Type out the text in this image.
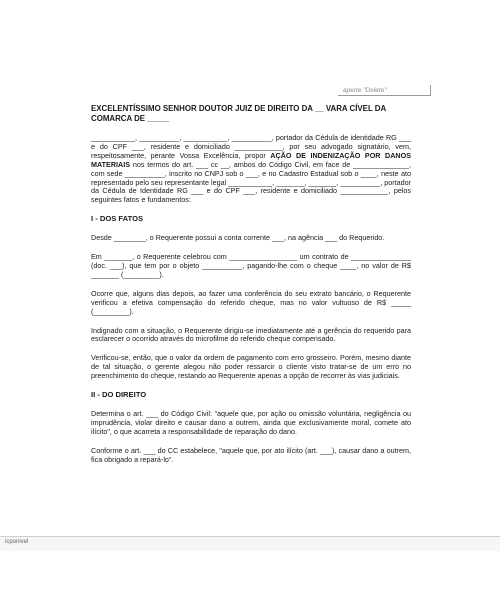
aperte "Delete"
EXCELENTÍSSIMO SENHOR DOUTOR JUIZ DE DIREITO DA __ VARA CÍVEL DA COMARCA DE _____
___________, __________, ___________, __________, portador da Cédula de identidade RG ___ e do CPF ___, residente e domiciliado ____________, por seu advogado signatário, vem, respeitosamente, perante Vossa Excelência, propor AÇÃO DE INDENIZAÇÃO POR DANOS MATERIAIS nos termos do art. ___ cc __, ambos do Código Civil, em face de ______________, com sede __________, inscrito no CNPJ sob o ___, e no Cadastro Estadual sob o ____, neste ato representado pelo seu representante legal ___________, _______, _______, __________, portador da Cédula de Identidade RG ___ e do CPF ___, residente e domiciliado ____________, pelos seguintes fatos e fundamentos:
I - DOS FATOS
Desde ________, o Requerente possui a conta corrente ___, na agência ___ do Requerido.
Em _______, o Requerente celebrou com _________________ um contrato de _______________ (doc. ___), que tem por o objeto __________, pagando-lhe com o cheque ____, no valor de R$ _______ (_________).
Ocorre que, alguns dias depois, ao fazer uma conferência do seu extrato bancário, o Requerente verificou a efetiva compensação do referido cheque, mas no valor vultuoso de R$ _____ (_________).
Indignado com a situação, o Requerente dirigiu-se imediatamente até a gerência do requerido para esclarecer o ocorrido através do microfilme do referido cheque compensado.
Verificou-se, então, que o valor da ordem de pagamento com erro grosseiro. Porém, mesmo diante de tal situação, o gerente alegou não poder ressarcir o cliente visto tratar-se de um erro no preenchimento do cheque, restando ao Requerente apenas a opção de recorrer às vias judiciais.
II - DO DIREITO
Determina o art. ___ do Código Civil: "aquele que, por ação ou omissão voluntária, negligência ou imprudência, violar direito e causar dano a outrem, ainda que exclusivamente moral, comete ato ilícito", o que acarreta a responsabilidade de reparação do dano.
Conforme o art. ___ do CC estabelece, "aquele que, por ato ilícito (art. ___), causar dano a outrem, fica obrigado a repará-lo".
icponivel
